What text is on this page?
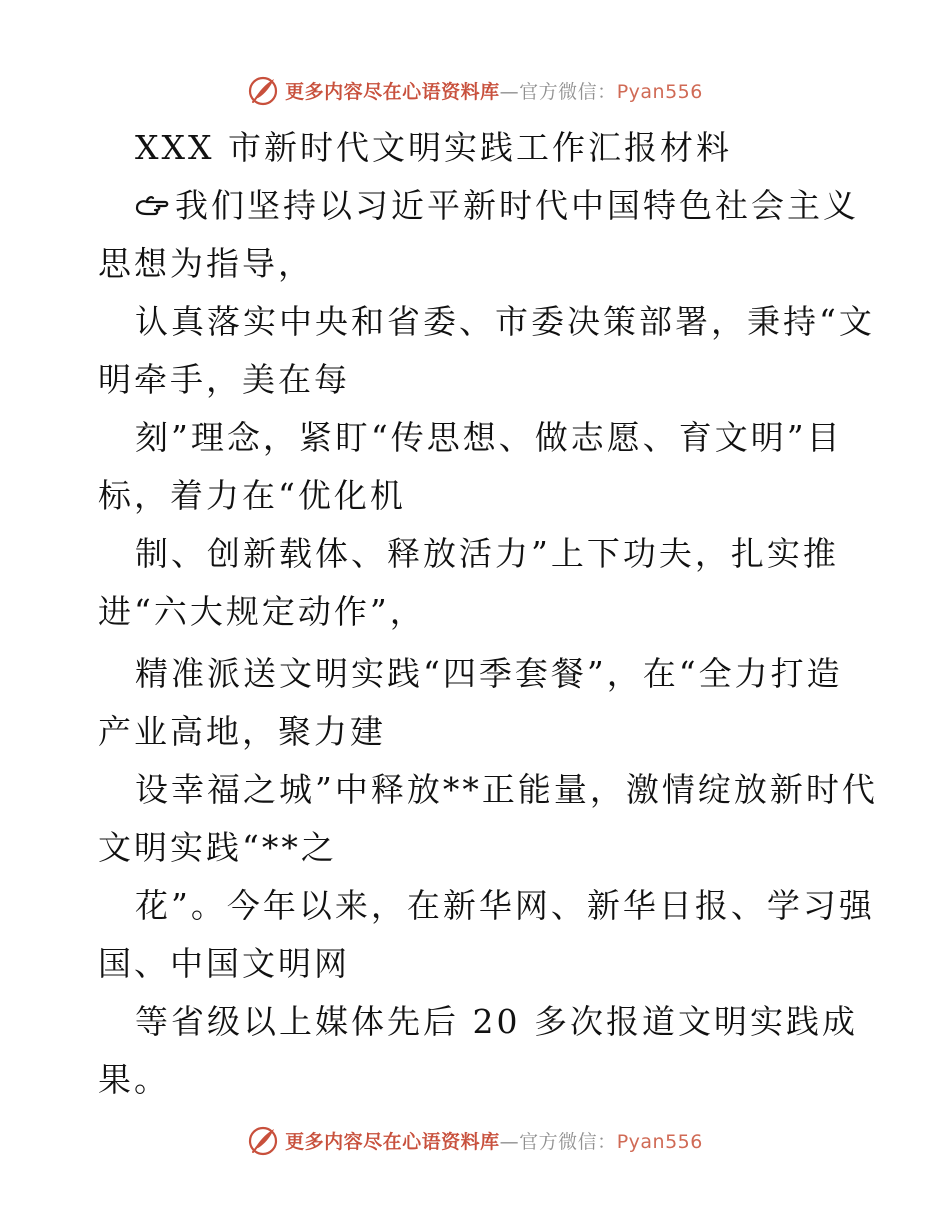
更多内容尽在心语资料库—官方微信：Pyan556
XXX 市新时代文明实践工作汇报材料
我们坚持以习近平新时代中国特色社会主义
思想为指导，
认真落实中央和省委、市委决策部署，秉持“文
明牵手，美在每
刻”理念，紧盯“传思想、做志愿、育文明”目
标，着力在“优化机
制、创新载体、释放活力”上下功夫，扎实推
进“六大规定动作”，
精准派送文明实践“四季套餐”，在“全力打造
产业高地，聚力建
设幸福之城”中释放**正能量，激情绽放新时代
文明实践“**之
花”。今年以来，在新华网、新华日报、学习强
国、中国文明网
等省级以上媒体先后 20 多次报道文明实践成
果。
更多内容尽在心语资料库—官方微信：Pyan556
